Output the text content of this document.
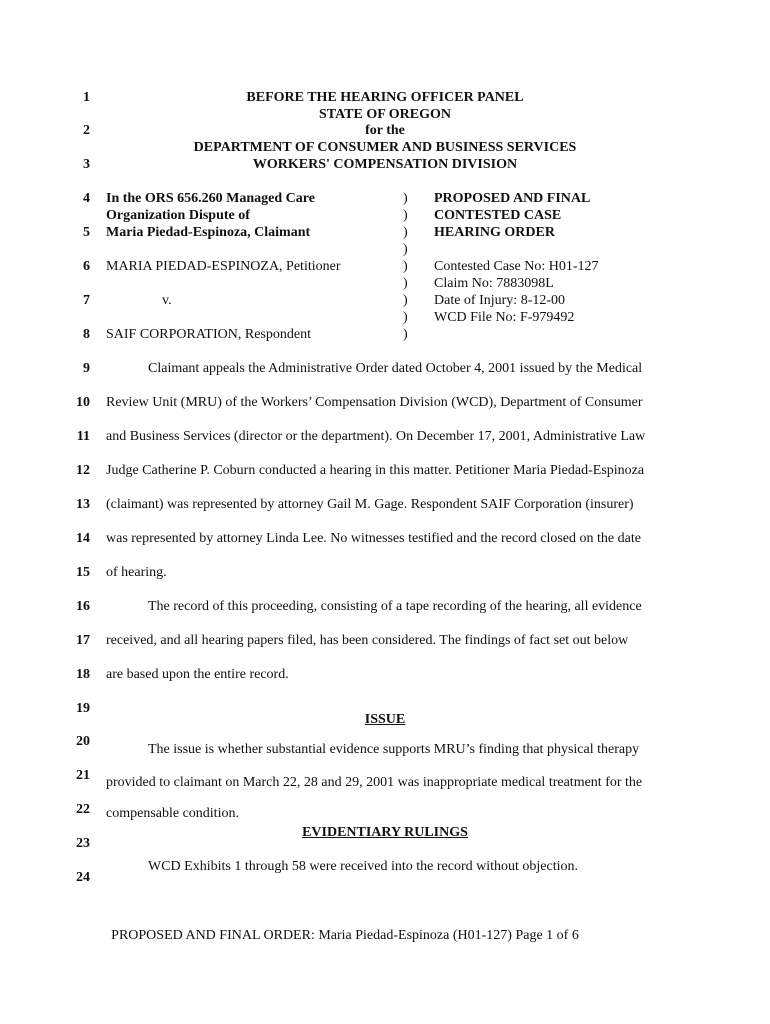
1
2
3
4
5
6
7
8
9
10
11
12
13
14
15
16
17
18
19
20
21
22
23
24
BEFORE THE HEARING OFFICER PANEL
STATE OF OREGON
for the
DEPARTMENT OF CONSUMER AND BUSINESS SERVICES
WORKERS' COMPENSATION DIVISION
In the ORS 656.260 Managed Care
Organization Dispute of
Maria Piedad-Espinoza, Claimant
MARIA PIEDAD-ESPINOZA, Petitioner
v.
SAIF CORPORATION, Respondent
)
)
)
)
)
)
)
)
)
PROPOSED AND FINAL
CONTESTED CASE
HEARING ORDER
Contested Case No: H01-127
Claim No: 7883098L
Date of Injury: 8-12-00
WCD File No: F-979492
Claimant appeals the Administrative Order dated October 4, 2001 issued by the Medical
Review Unit (MRU) of the Workers’ Compensation Division (WCD), Department of Consumer
and Business Services (director or the department). On December 17, 2001, Administrative Law
Judge Catherine P. Coburn conducted a hearing in this matter. Petitioner Maria Piedad-Espinoza
(claimant) was represented by attorney Gail M. Gage. Respondent SAIF Corporation (insurer)
was represented by attorney Linda Lee. No witnesses testified and the record closed on the date
of hearing.
The record of this proceeding, consisting of a tape recording of the hearing, all evidence
received, and all hearing papers filed, has been considered. The findings of fact set out below
are based upon the entire record.
ISSUE
The issue is whether substantial evidence supports MRU’s finding that physical therapy
provided to claimant on March 22, 28 and 29, 2001 was inappropriate medical treatment for the
compensable condition.
EVIDENTIARY RULINGS
WCD Exhibits 1 through 58 were received into the record without objection.
PROPOSED AND FINAL ORDER: Maria Piedad-Espinoza (H01-127) Page 1 of 6
